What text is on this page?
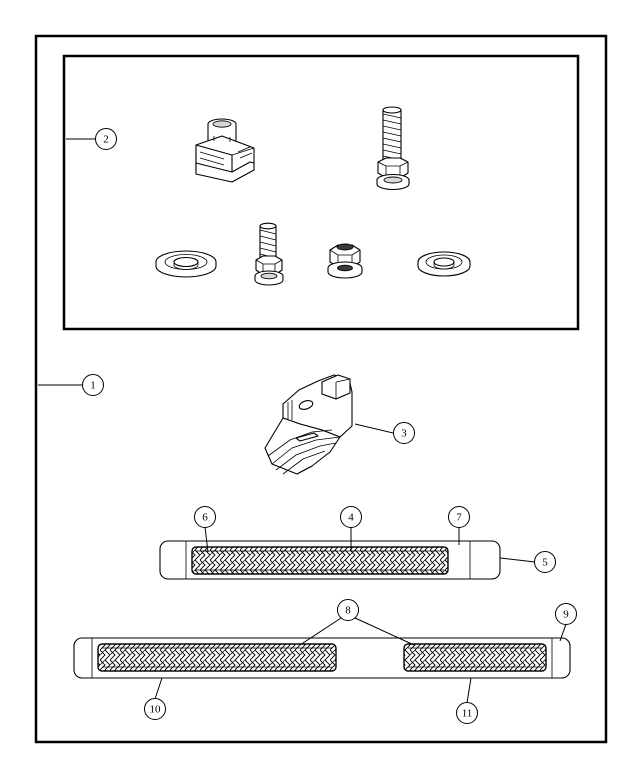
1
2
3
4
5
6	7
8	9
10	11
